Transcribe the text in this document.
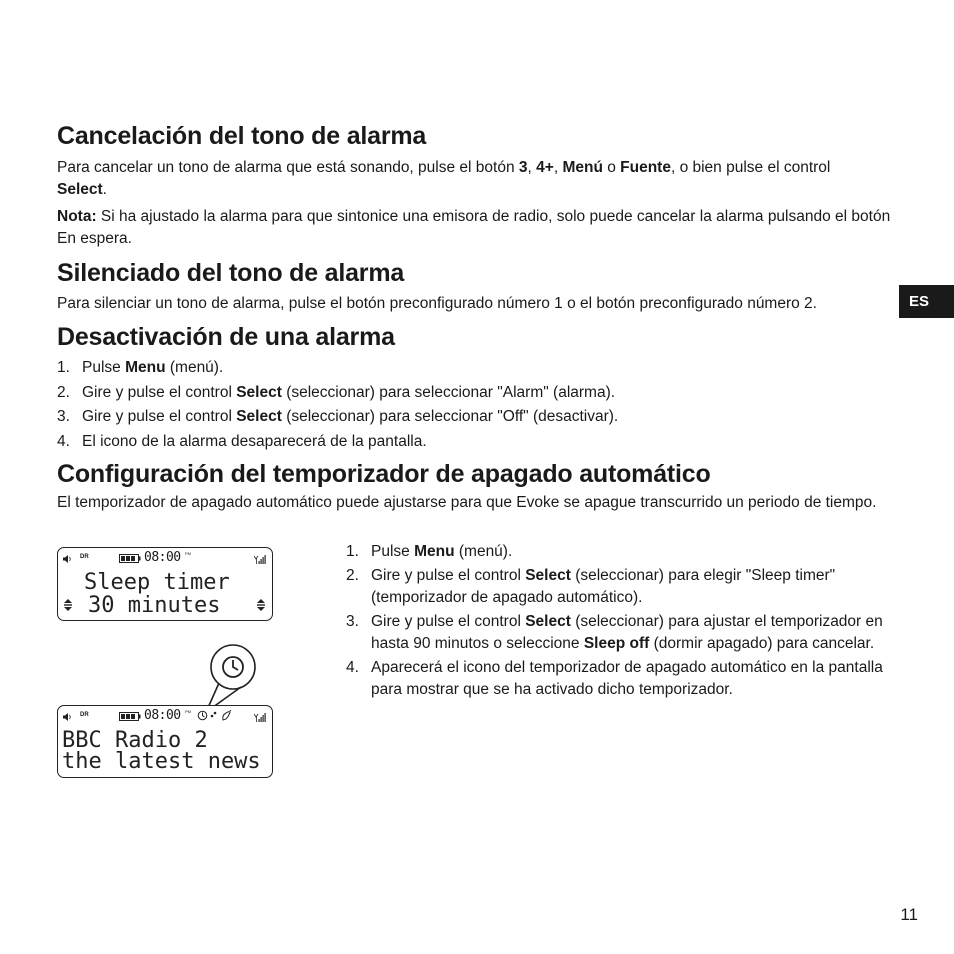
Cancelación del tono de alarma

Para cancelar un tono de alarma que está sonando, pulse el botón 3, 4+, Menú o Fuente, o bien pulse el control Select.

Nota: Si ha ajustado la alarma para que sintonice una emisora de radio, solo puede cancelar la alarma pulsando el botón En espera.

Silenciado del tono de alarma

Para silenciar un tono de alarma, pulse el botón preconfigurado número 1 o el botón preconfigurado número 2.	ES
Desactivación de una alarma
1. Pulse Menu (menú).
2. Gire y pulse el control Select (seleccionar) para seleccionar "Alarm" (alarma).
3. Gire y pulse el control Select (seleccionar) para seleccionar "Off" (desactivar).
4. El icono de la alarma desaparecerá de la pantalla.
Configuración del temporizador de apagado automático

El temporizador de apagado automático puede ajustarse para que Evoke se apague transcurrido un periodo de tiempo.

1. Pulse Menu (menú).
2. Gire y pulse el control Select (seleccionar) para elegir "Sleep timer" (temporizador de apagado automático).
3. Gire y pulse el control Select (seleccionar) para ajustar el temporizador en hasta 90 minutos o seleccione Sleep off (dormir apagado) para cancelar.
4. Aparecerá el icono del temporizador de apagado automático en la pantalla para mostrar que se ha activado dicho temporizador.
DR	08:00 PM
Sleep timer
30 minutes
DR	08:00 PM
BBC Radio 2
the latest news
11
